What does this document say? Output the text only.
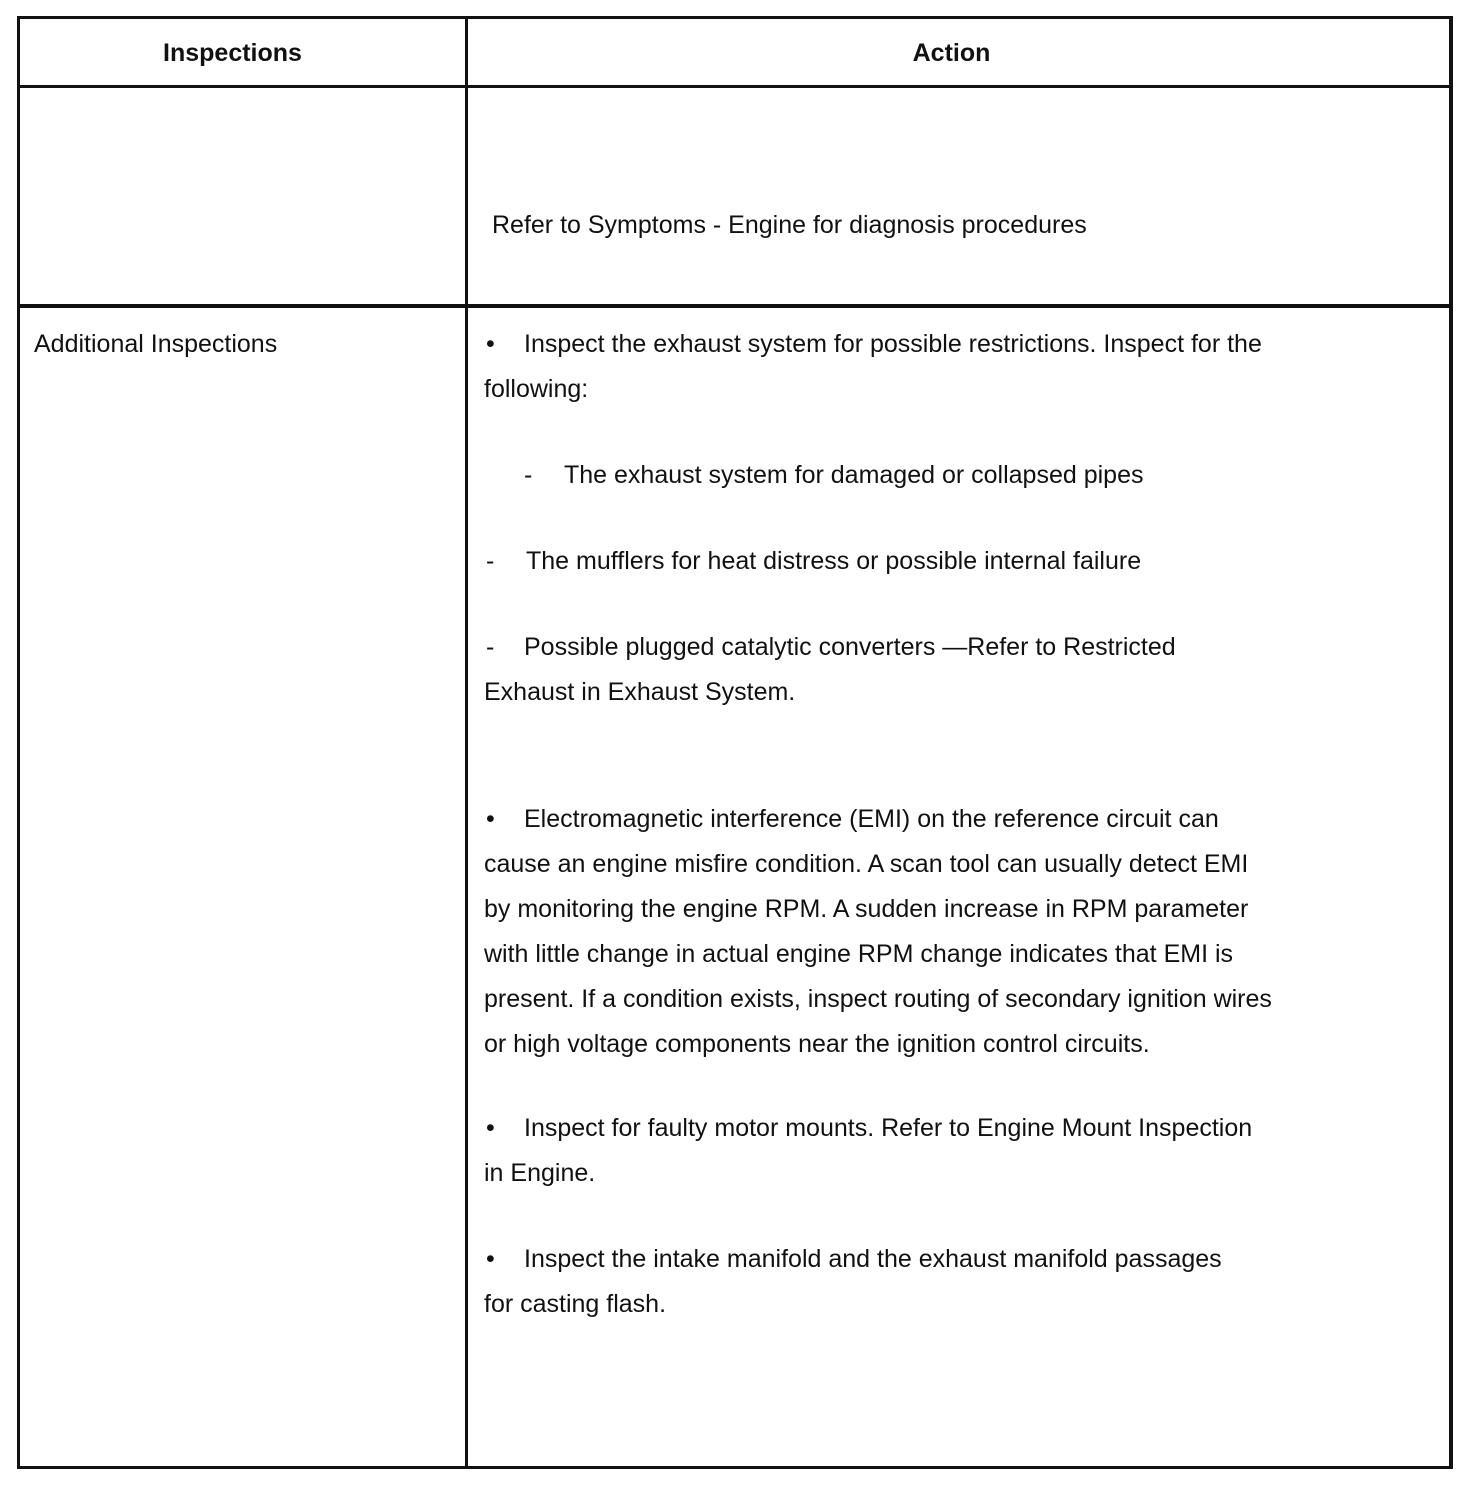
Inspections	Action
Refer to Symptoms - Engine for diagnosis procedures
Additional Inspections	• Inspect the exhaust system for possible restrictions. Inspect for the
following:
- The exhaust system for damaged or collapsed pipes
- The mufflers for heat distress or possible internal failure
- Possible plugged catalytic converters —Refer to Restricted
Exhaust in Exhaust System.
• Electromagnetic interference (EMI) on the reference circuit can
cause an engine misfire condition. A scan tool can usually detect EMI
by monitoring the engine RPM. A sudden increase in RPM parameter
with little change in actual engine RPM change indicates that EMI is
present. If a condition exists, inspect routing of secondary ignition wires
or high voltage components near the ignition control circuits.
• Inspect for faulty motor mounts. Refer to Engine Mount Inspection
in Engine.
• Inspect the intake manifold and the exhaust manifold passages
for casting flash.
